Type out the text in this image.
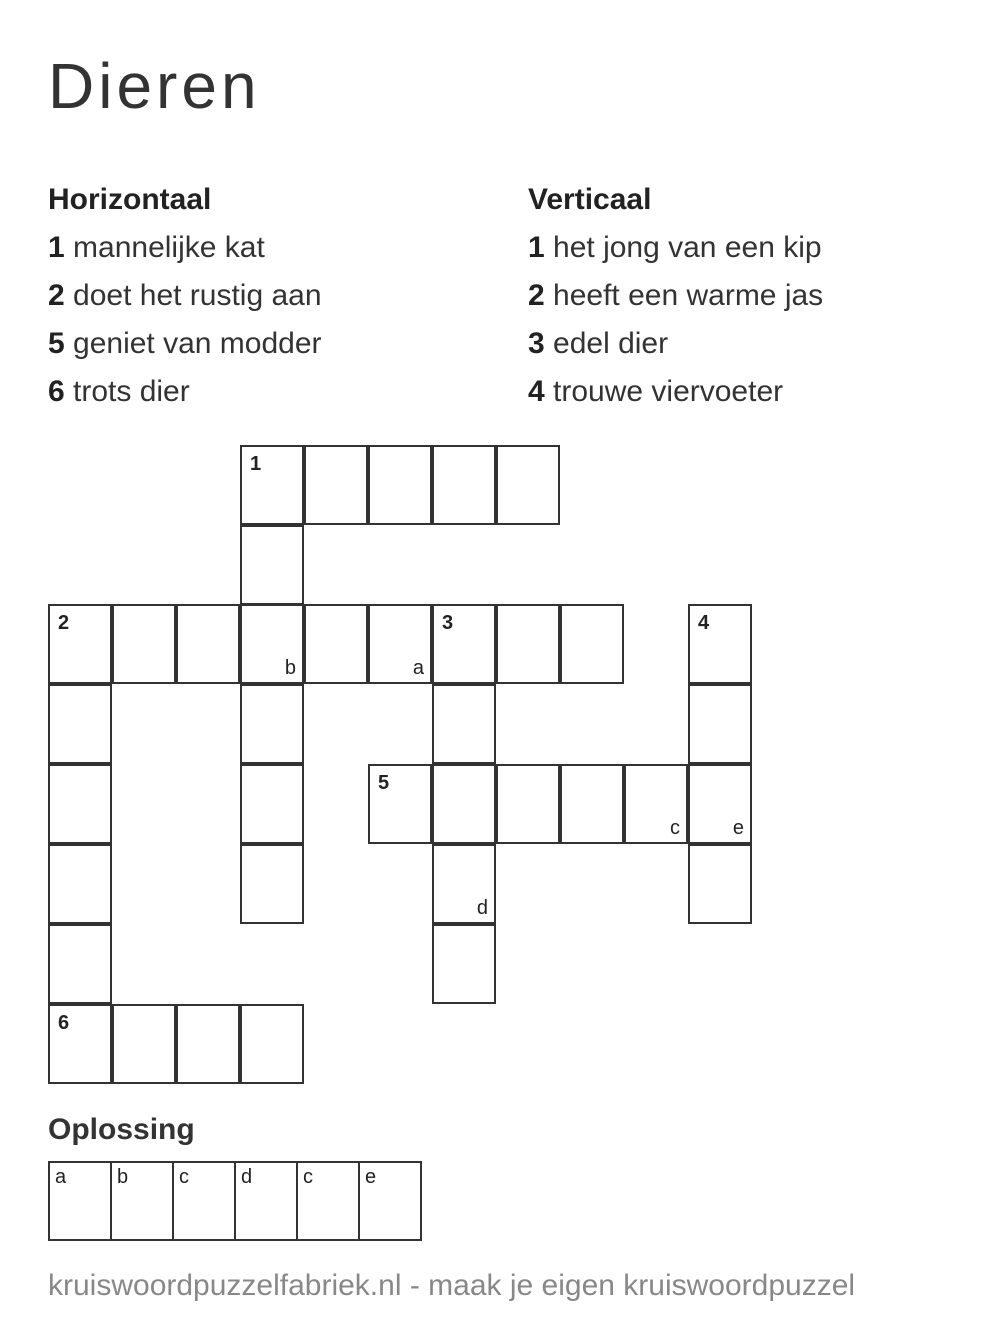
Dieren
Horizontaal
1 mannelijke kat
2 doet het rustig aan
5 geniet van modder
6 trots dier
Verticaal
1 het jong van een kip
2 heeft een warme jas
3 edel dier
4 trouwe viervoeter
1
2
b	a
3	4
5
c	e
d
6
Oplossing
a	b	c	d	c	e

kruiswoordpuzzelfabriek.nl - maak je eigen kruiswoordpuzzel
